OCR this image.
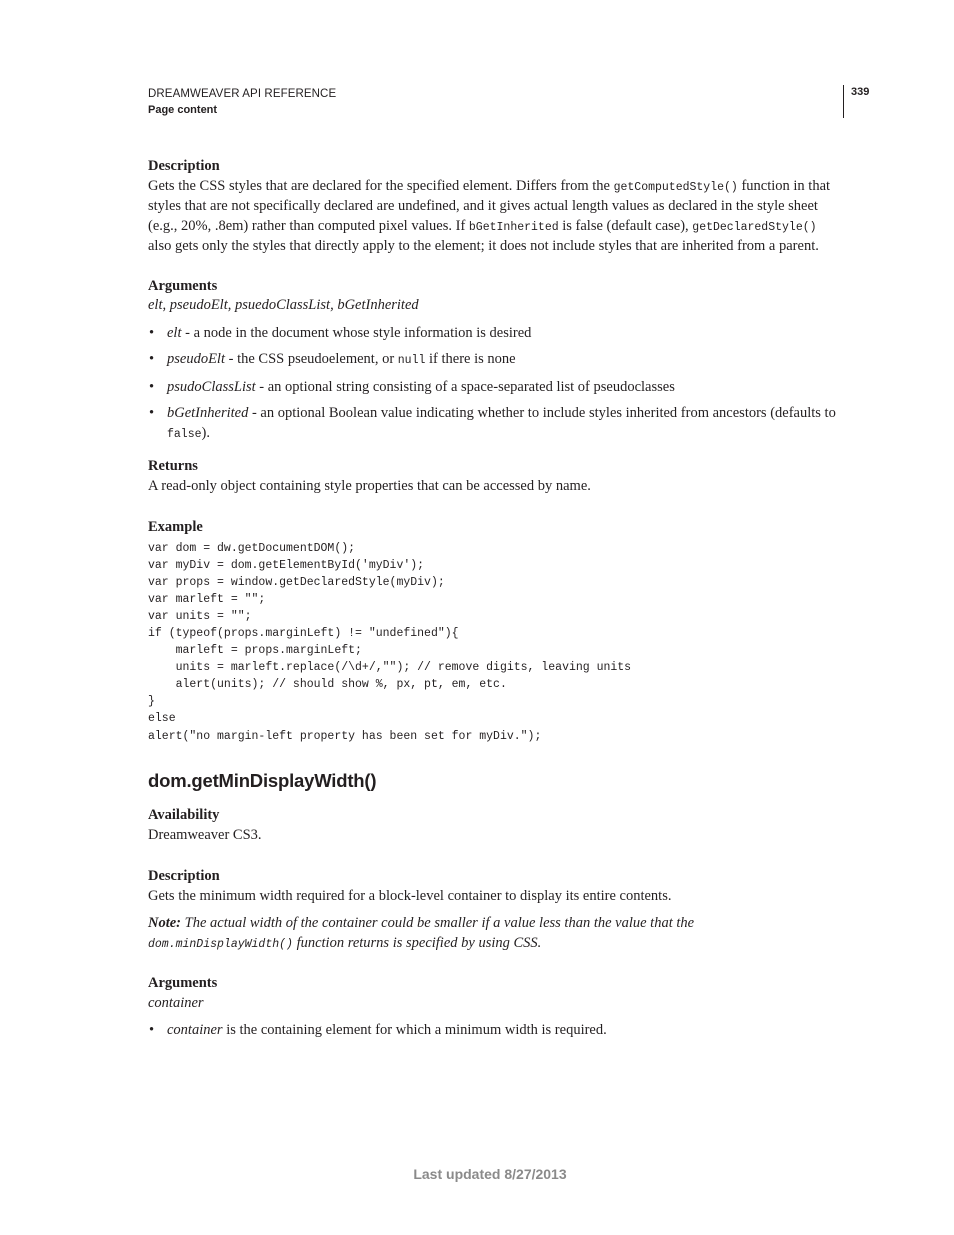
DREAMWEAVER API REFERENCE
Page content
339

Description

Gets the CSS styles that are declared for the specified element. Differs from the getComputedStyle() function in that styles that are not specifically declared are undefined, and it gives actual length values as declared in the style sheet (e.g., 20%, .8em) rather than computed pixel values. If bGetInherited is false (default case), getDeclaredStyle() also gets only the styles that directly apply to the element; it does not include styles that are inherited from a parent.

Arguments

elt, pseudoElt, psuedoClassList, bGetInherited

• elt - a node in the document whose style information is desired
• pseudoElt - the CSS pseudoelement, or null if there is none
• psudoClassList - an optional string consisting of a space-separated list of pseudoclasses
• bGetInherited - an optional Boolean value indicating whether to include styles inherited from ancestors (defaults to false).

Returns

A read-only object containing style properties that can be accessed by name.

Example

var dom = dw.getDocumentDOM();
var myDiv = dom.getElementById('myDiv');
var props = window.getDeclaredStyle(myDiv);
var marleft = "";
var units = "";
if (typeof(props.marginLeft) != "undefined"){
marleft = props.marginLeft;
units = marleft.replace(/\d+/,""); // remove digits, leaving units
alert(units); // should show %, px, pt, em, etc.
}
else
alert("no margin-left property has been set for myDiv.");
dom.getMinDisplayWidth()

Availability

Dreamweaver CS3.

Description

Gets the minimum width required for a block-level container to display its entire contents.

Note: The actual width of the container could be smaller if a value less than the value that the dom.minDisplayWidth() function returns is specified by using CSS.

Arguments

container

• container is the containing element for which a minimum width is required.
Last updated 8/27/2013
